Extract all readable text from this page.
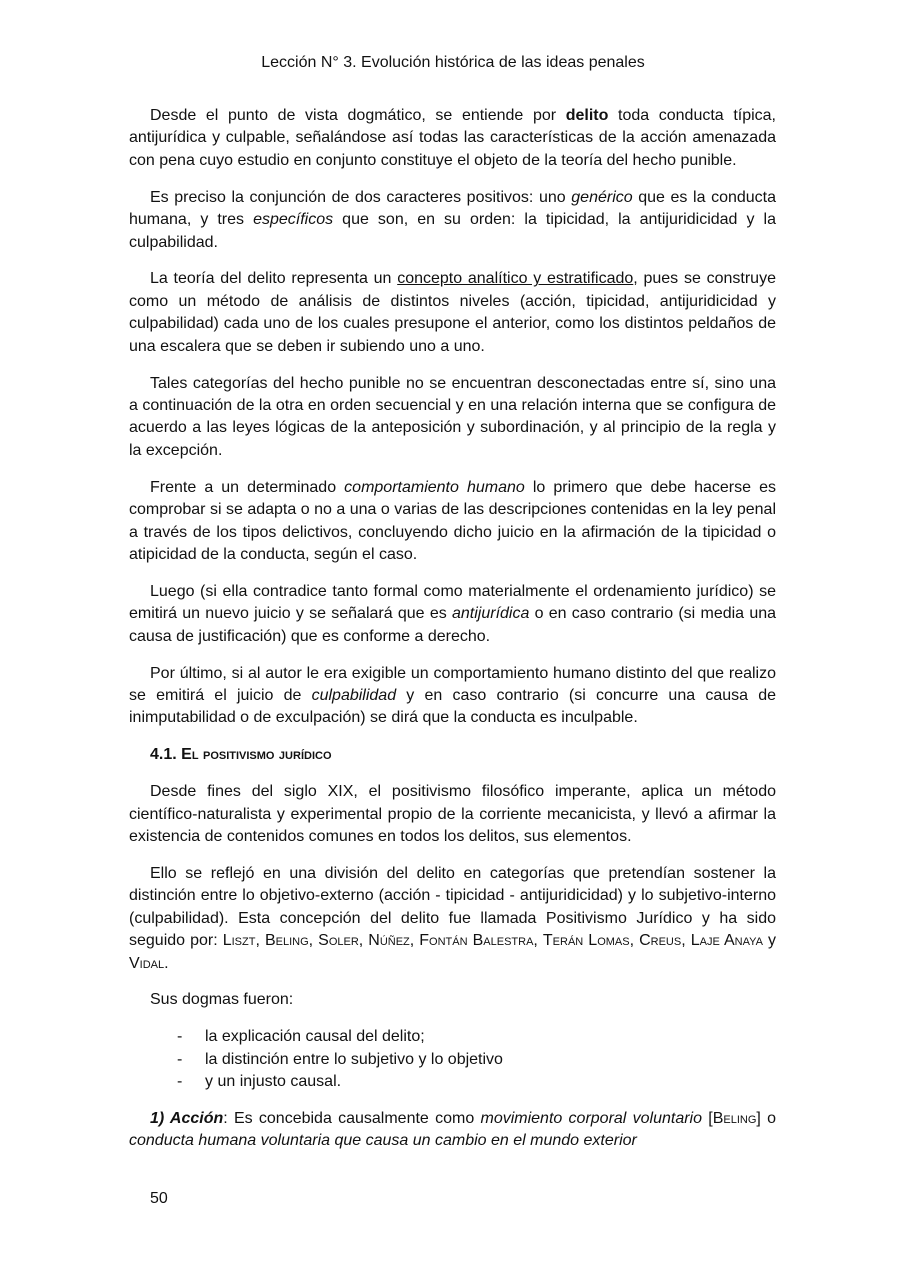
Lección N° 3. Evolución histórica de las ideas penales

Desde el punto de vista dogmático, se entiende por delito toda conducta típica, antijurídica y culpable, señalándose así todas las características de la acción amenazada con pena cuyo estudio en conjunto constituye el objeto de la teoría del hecho punible.

Es preciso la conjunción de dos caracteres positivos: uno genérico que es la conducta humana, y tres específicos que son, en su orden: la tipicidad, la antijuridicidad y la culpabilidad.

La teoría del delito representa un concepto analítico y estratificado, pues se construye como un método de análisis de distintos niveles (acción, tipicidad, antijuridicidad y culpabilidad) cada uno de los cuales presupone el anterior, como los distintos peldaños de una escalera que se deben ir subiendo uno a uno.

Tales categorías del hecho punible no se encuentran desconectadas entre sí, sino una a continuación de la otra en orden secuencial y en una relación interna que se configura de acuerdo a las leyes lógicas de la anteposición y subordinación, y al principio de la regla y la excepción.

Frente a un determinado comportamiento humano lo primero que debe hacerse es comprobar si se adapta o no a una o varias de las descripciones contenidas en la ley penal a través de los tipos delictivos, concluyendo dicho juicio en la afirmación de la tipicidad o atipicidad de la conducta, según el caso.

Luego (si ella contradice tanto formal como materialmente el ordenamiento jurídico) se emitirá un nuevo juicio y se señalará que es antijurídica o en caso contrario (si media una causa de justificación) que es conforme a derecho.

Por último, si al autor le era exigible un comportamiento humano distinto del que realizo se emitirá el juicio de culpabilidad y en caso contrario (si concurre una causa de inimputabilidad o de exculpación) se dirá que la conducta es inculpable.

4.1. El positivismo jurídico

Desde fines del siglo XIX, el positivismo filosófico imperante, aplica un método científico-naturalista y experimental propio de la corriente mecanicista, y llevó a afirmar la existencia de contenidos comunes en todos los delitos, sus elementos.

Ello se reflejó en una división del delito en categorías que pretendían sostener la distinción entre lo objetivo-externo (acción - tipicidad - antijuridicidad) y lo subjetivo-interno (culpabilidad). Esta concepción del delito fue llamada Positivismo Jurídico y ha sido seguido por: Liszt, Beling, Soler, Núñez, Fontán Balestra, Terán Lomas, Creus, Laje Anaya y Vidal.

Sus dogmas fueron:

- la explicación causal del delito;
- la distinción entre lo subjetivo y lo objetivo
- y un injusto causal.

1) Acción: Es concebida causalmente como movimiento corporal voluntario [Beling] o conducta humana voluntaria que causa un cambio en el mundo exterior

50
